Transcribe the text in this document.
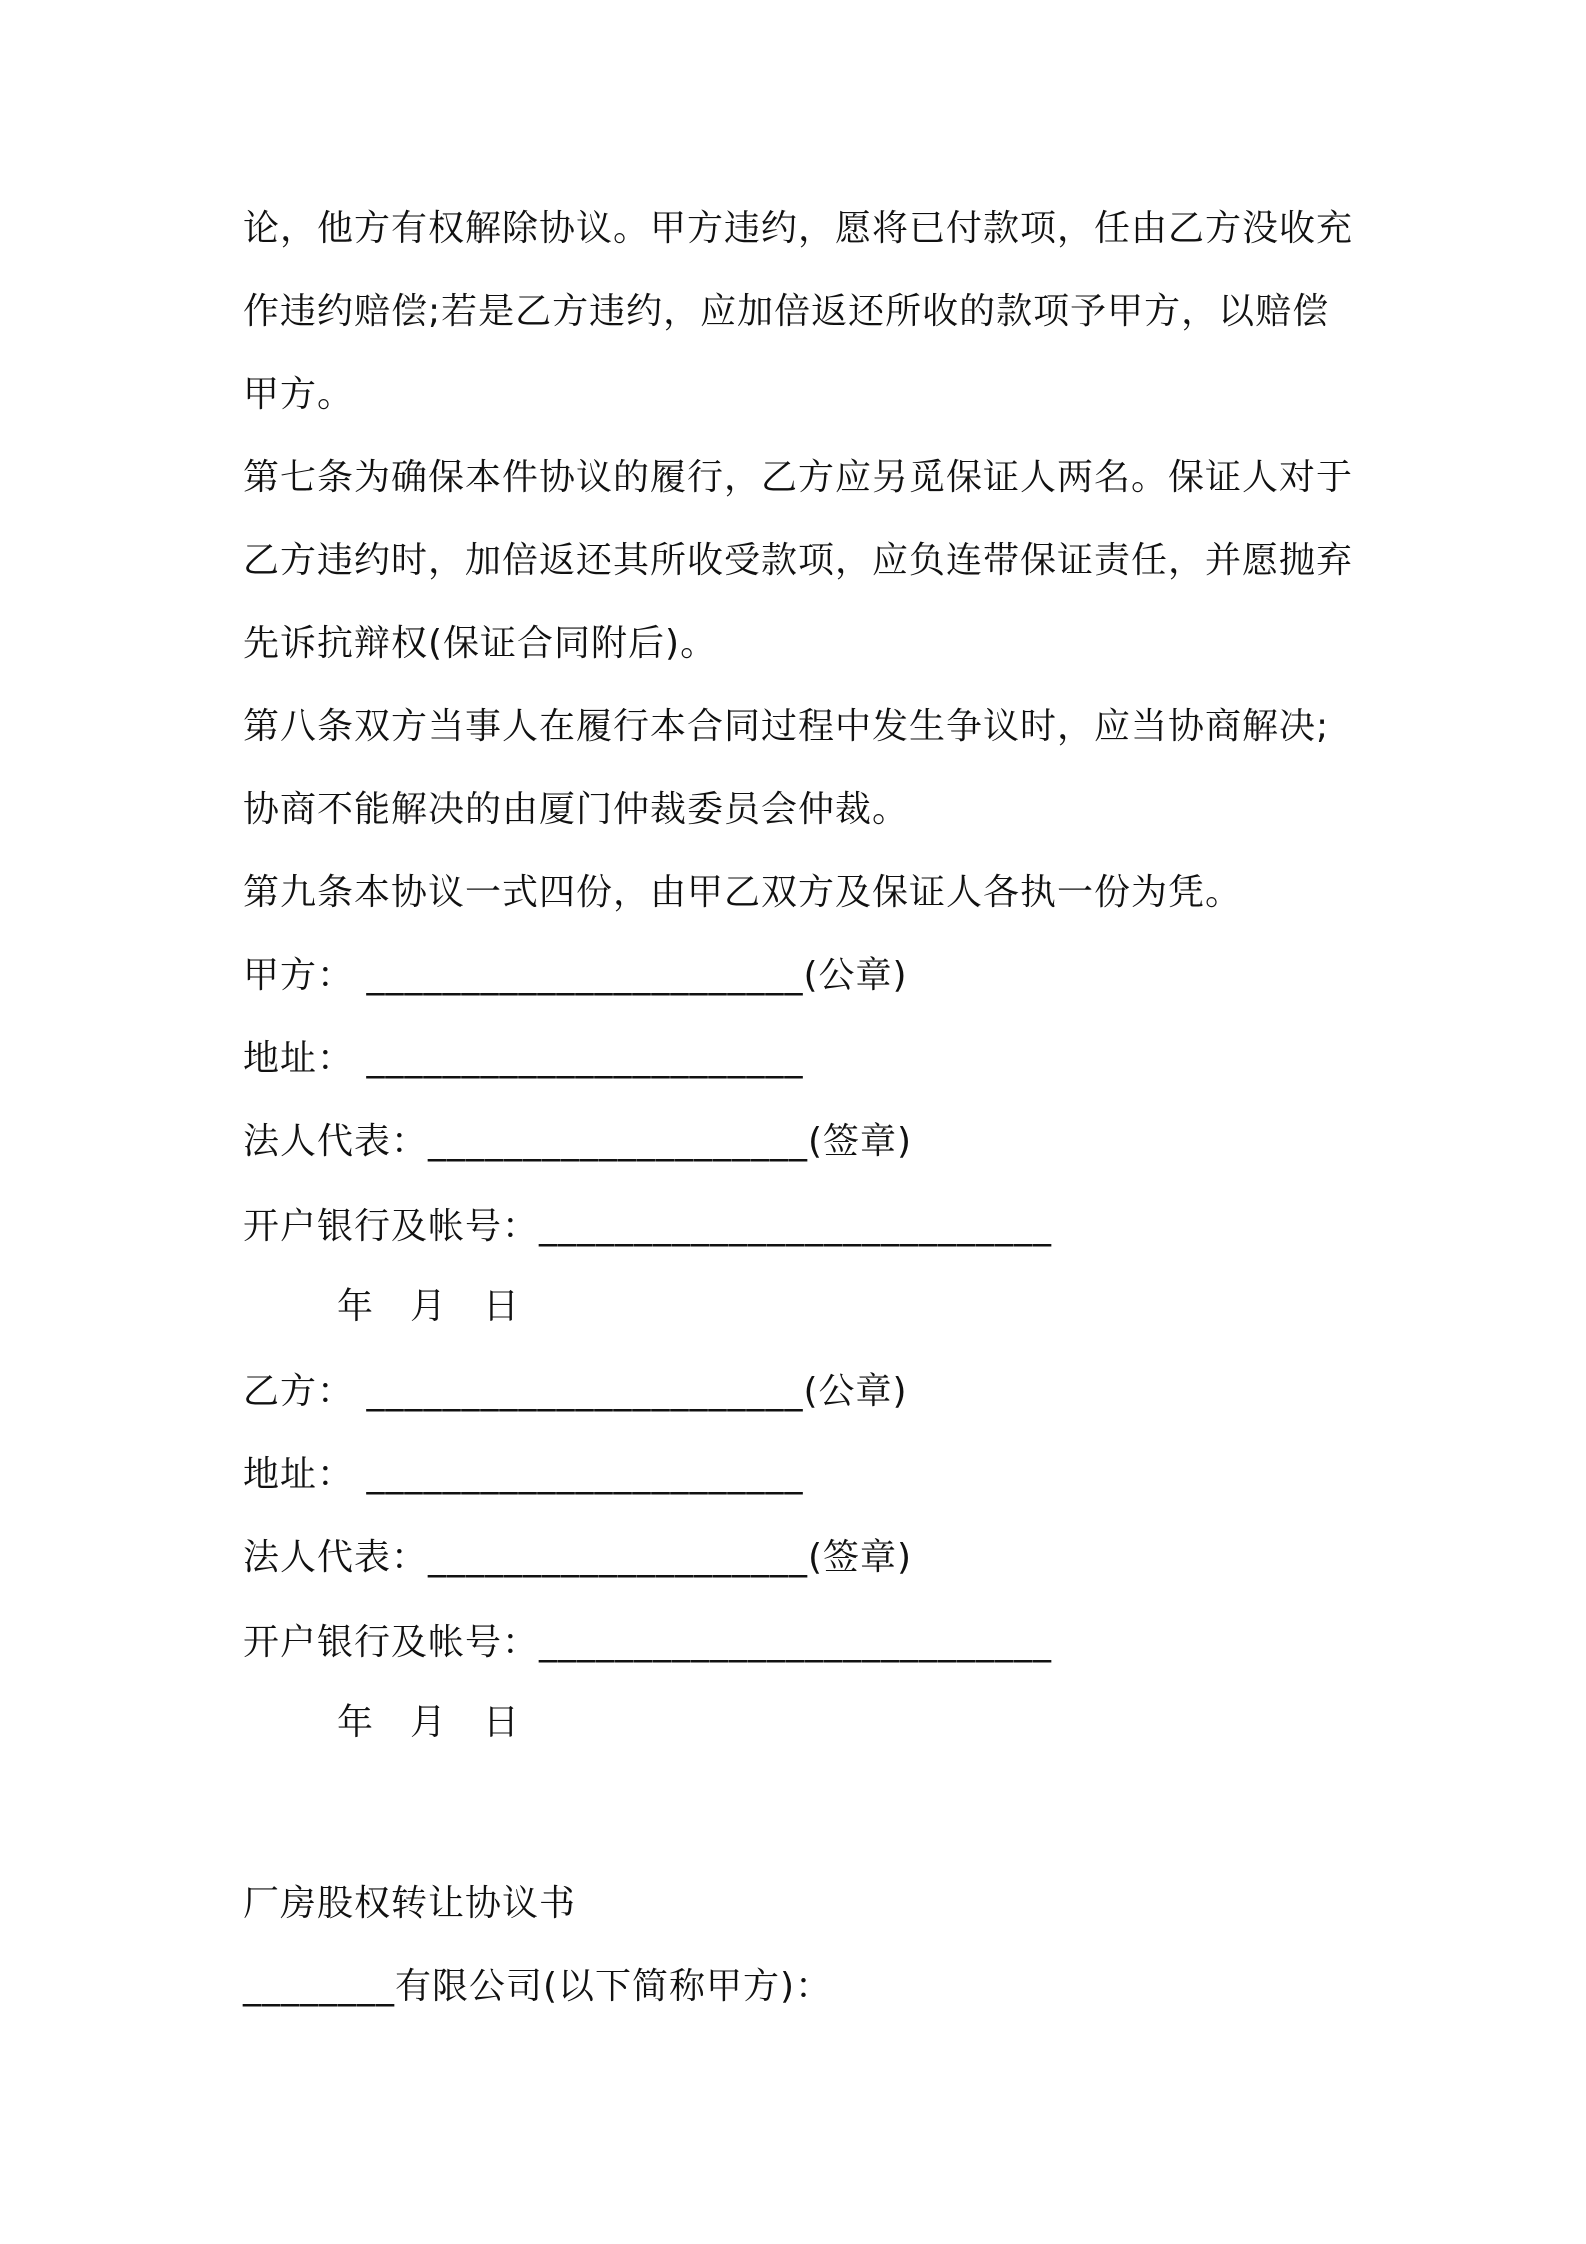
论，他方有权解除协议。甲方违约，愿将已付款项，任由乙方没收充
作违约赔偿;若是乙方违约，应加倍返还所收的款项予甲方，以赔偿
甲方。
第七条为确保本件协议的履行，乙方应另觅保证人两名。保证人对于
乙方违约时，加倍返还其所收受款项，应负连带保证责任，并愿抛弃
先诉抗辩权(保证合同附后)。
第八条双方当事人在履行本合同过程中发生争议时，应当协商解决;
协商不能解决的由厦门仲裁委员会仲裁。
第九条本协议一式四份，由甲乙双方及保证人各执一份为凭。
甲方： _______________________(公章)
地址： _______________________
法人代表：____________________(签章)
开户银行及帐号：___________________________
年 月 日
乙方： _______________________(公章)
地址： _______________________
法人代表：____________________(签章)
开户银行及帐号：___________________________
年 月 日
厂房股权转让协议书
________有限公司(以下简称甲方)：
